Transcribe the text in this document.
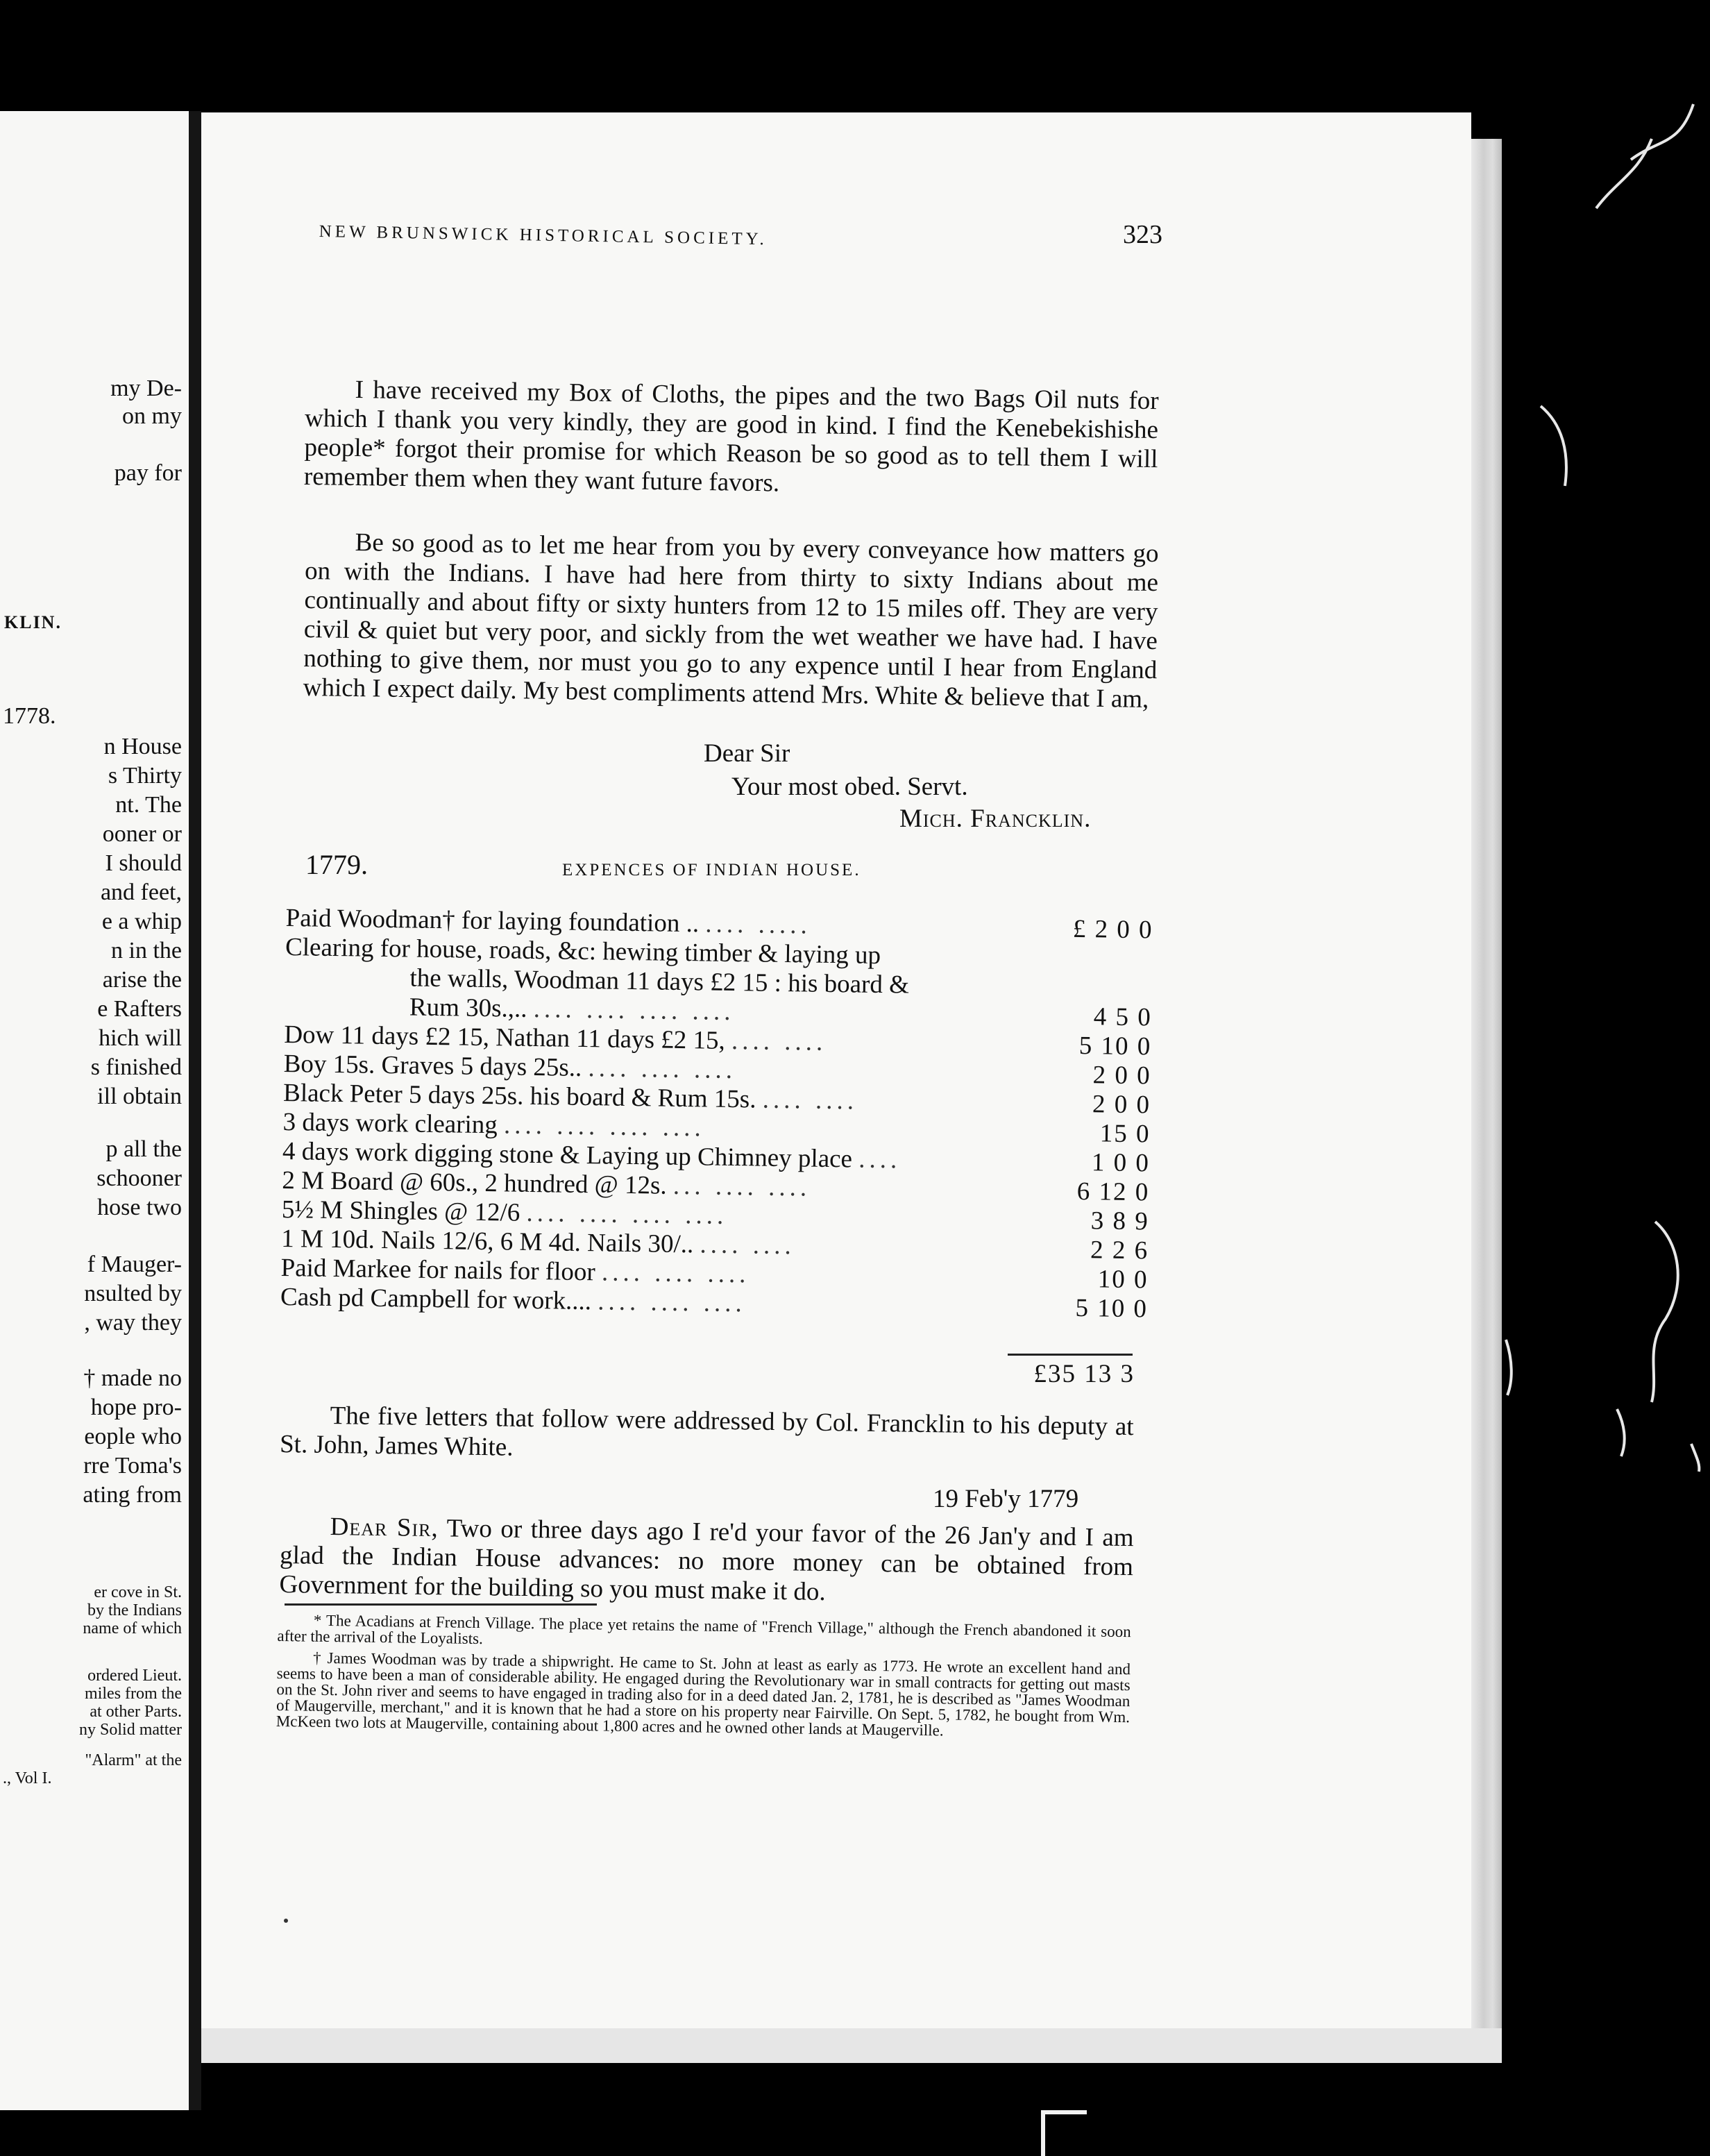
my De-
on my
pay for
KLIN.
1778.
n House
s Thirty
nt. The
ooner or
I should
and feet,
e a whip
n in the
arise the
e Rafters
hich will
s finished
ill obtain
p all the
schooner
hose two
f Mauger-
nsulted by
, way they
† made no
hope pro-
eople who
rre Toma's
ating from
er cove in St.
by the Indians
name of which
ordered Lieut.
miles from the
at other Parts.
ny Solid matter
"Alarm" at the
., Vol I.
NEW BRUNSWICK HISTORICAL SOCIETY.	323

I have received my Box of Cloths, the pipes and the two Bags Oil nuts for which I thank you very kindly, they are good in kind. I find the Kenebekishishe people* forgot their promise for which Reason be so good as to tell them I will remember them when they want future favors.

Be so good as to let me hear from you by every conveyance how matters go on with the Indians. I have had here from thirty to sixty Indians about me continually and about fifty or sixty hunters from 12 to 15 miles off. They are very civil & quiet but very poor, and sickly from the wet weather we have had. I have nothing to give them, nor must you go to any expence until I hear from England which I expect daily. My best compliments attend Mrs. White & believe that I am,

Dear Sir
Your most obed. Servt.
Mich. Francklin.
1779.	EXPENCES OF INDIAN HOUSE.
Paid Woodman† for laying foundation .. .... .....	£ 2 0 0
Clearing for house, roads, &c: hewing timber & laying up	

the walls, Woodman 11 days £2 15 : his board &	

Rum 30s.,.. .... .... .... ....	4 5 0
Dow 11 days £2 15, Nathan 11 days £2 15, .... ....	5 10 0
Boy 15s. Graves 5 days 25s.. .... .... ....	2 0 0
Black Peter 5 days 25s. his board & Rum 15s. .... ....	2 0 0
3 days work clearing .... .... .... ....	15 0
4 days work digging stone & Laying up Chimney place ....	1 0 0
2 M Board @ 60s., 2 hundred @ 12s. ... .... ....	6 12 0
5½ M Shingles @ 12/6 .... .... .... ....	3 8 9
1 M 10d. Nails 12/6, 6 M 4d. Nails 30/.. .... ....	2 2 6
Paid Markee for nails for floor .... .... ....	10 0
Cash pd Campbell for work.... .... .... ....	5 10 0
£35 13 3

The five letters that follow were addressed by Col. Francklin to his deputy at St. John, James White.

19 Feb'y 1779

Dear Sir, Two or three days ago I re'd your favor of the 26 Jan'y and I am glad the Indian House advances: no more money can be obtained from Government for the building so you must make it do.

* The Acadians at French Village. The place yet retains the name of "French Village," although the French abandoned it soon after the arrival of the Loyalists.

† James Woodman was by trade a shipwright. He came to St. John at least as early as 1773. He wrote an excellent hand and seems to have been a man of considerable ability. He engaged during the Revolutionary war in small contracts for getting out masts on the St. John river and seems to have engaged in trading also for in a deed dated Jan. 2, 1781, he is described as "James Woodman of Maugerville, merchant," and it is known that he had a store on his property near Fairville. On Sept. 5, 1782, he bought from Wm. McKeen two lots at Maugerville, containing about 1,800 acres and he owned other lands at Maugerville.
